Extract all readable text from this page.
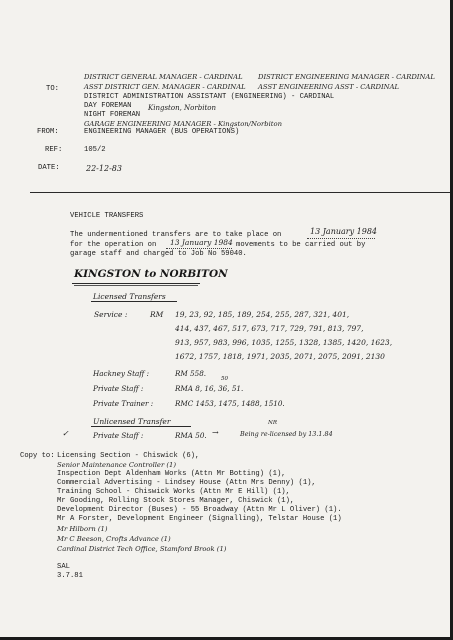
TO:
DISTRICT GENERAL MANAGER - CARDINAL DISTRICT ENGINEERING MANAGER - CARDINAL
ASST DISTRICT GEN. MANAGER - CARDINAL ASST ENGINEERING ASST - CARDINAL
DISTRICT ADMINISTRATION ASSISTANT (ENGINEERING) - CARDINAL
DAY FOREMAN Kingston, Norbiton
NIGHT FOREMAN
GARAGE ENGINEERING MANAGER - Kingston/Norbiton
FROM:	ENGINEERING MANAGER (BUS OPERATIONS)
REF:	105/2
DATE:	22-12-83
VEHICLE TRANSFERS
The undermentioned transfers are to take place on	13 January 1984
for the operation on 13 January 1984 movements to be carried out by
garage staff and charged to Job No 59040.
KINGSTON to NORBITON
Licensed Transfers
Service :	RM 19, 23, 92, 185, 189, 254, 255, 287, 321, 401,
414, 437, 467, 517, 673, 717, 729, 791, 813, 797,
913, 957, 983, 996, 1035, 1255, 1328, 1385, 1420, 1623,
1672, 1757, 1818, 1971, 2035, 2071, 2075, 2091, 2130
Hackney Staff :	RM 558.
Private Staff :	RMA 8, 16, 36, 51.
50
Private Trainer :	RMC 1453, 1475, 1488, 1510.
Unlicensed Transfer
✓	Private Staff :	RMA 50. →
NR
Being re-licensed by 13.1.84
Copy to: Licensing Section - Chiswick (6),
Senior Maintenance Controller (1)
Inspection Dept Aldenham Works (Attn Mr Botting) (1),
Commercial Advertising - Lindsey House (Attn Mrs Denny) (1),
Training School - Chiswick Works (Attn Mr E Hill) (1),
Mr Gooding, Rolling Stock Stores Manager, Chiswick (1),
Development Director (Buses) - 55 Broadway (Attn Mr L Oliver) (1).
Mr A Forster, Development Engineer (Signalling), Telstar House (1)
Mr Hilborn (1)
Mr C Beeson, Crofts Advance (1)
Cardinal District Tech Office, Stamford Brook (1)
SAL
3.7.81
